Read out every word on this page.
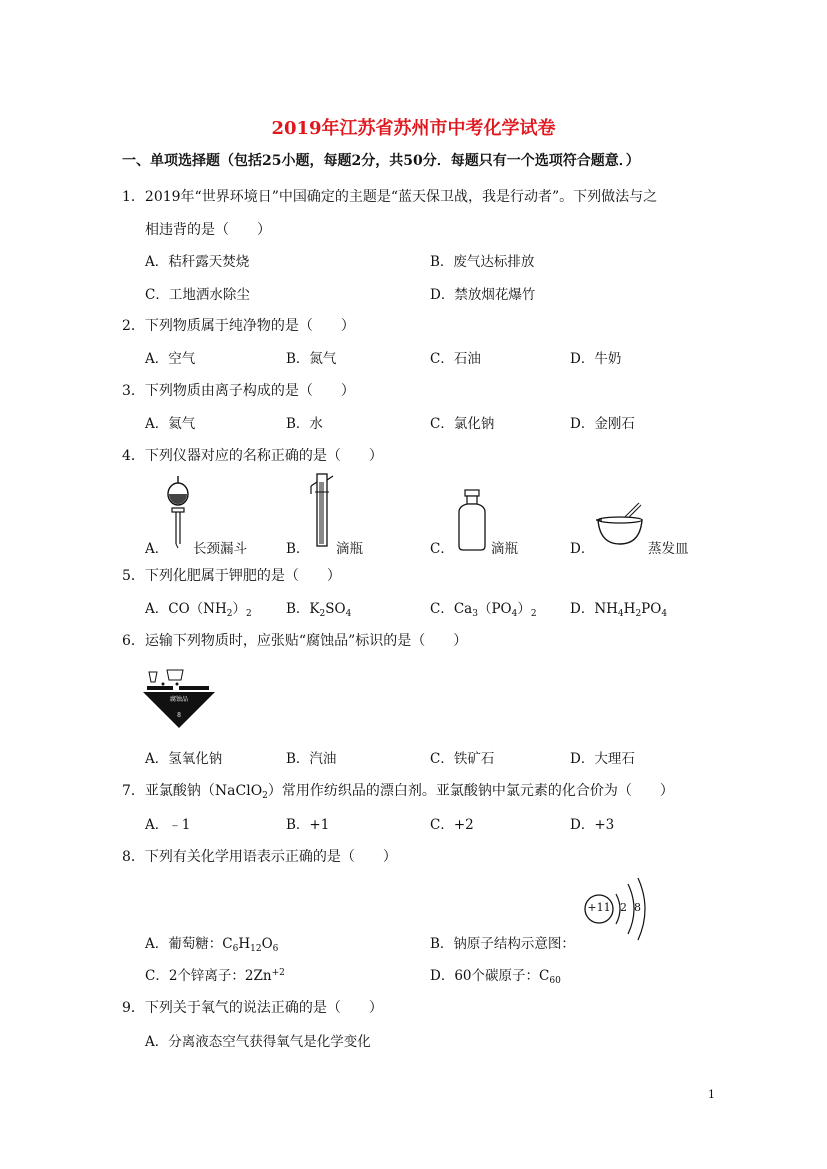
2019年江苏省苏州市中考化学试卷
一、单项选择题（包括25小题，每题2分，共50分．每题只有一个选项符合题意．）
1．2019年“世界环境日”中国确定的主题是“蓝天保卫战，我是行动者”。下列做法与之
相违背的是（　　）
A．秸秆露天焚烧	B．废气达标排放
C．工地洒水除尘	D．禁放烟花爆竹
2．下列物质属于纯净物的是（　　）
A．空气	B．氮气	C．石油	D．牛奶
3．下列物质由离子构成的是（　　）
A．氦气	B．水	C．氯化钠	D．金刚石
4．下列仪器对应的名称正确的是（　　）
A． 长颈漏斗	B． 滴瓶	C．	滴瓶	D．	蒸发皿
5．下列化肥属于钾肥的是（　　）
A．$CO(NH_2)_2$	B．$K_2SO_4$	C．$Ca_3(PO_4)_2$ D．$NH_4H_2PO_4$
6．运输下列物质时，应张贴“腐蚀品”标识的是（　　）
腐蚀品
8
A．氢氧化钠	B．汽油	C．铁矿石	D．大理石
7．亚氯酸钠（NaClO$_2$）常用作纺织品的漂白剂。亚氯酸钠中氯元素的化合价为（　　）
A．﹣1	B．+1	C．+2	D．+3
8．下列有关化学用语表示正确的是（　　）
A．葡萄糖：$C_6H_{12}O_6$	B．钠原子结构示意图：
+11 2 8
C．2个锌离子：$2Zn^{+2}$	D．60个碳原子：$C_{60}$
9．下列关于氧气的说法正确的是（　　）
A．分离液态空气获得氧气是化学变化
1
